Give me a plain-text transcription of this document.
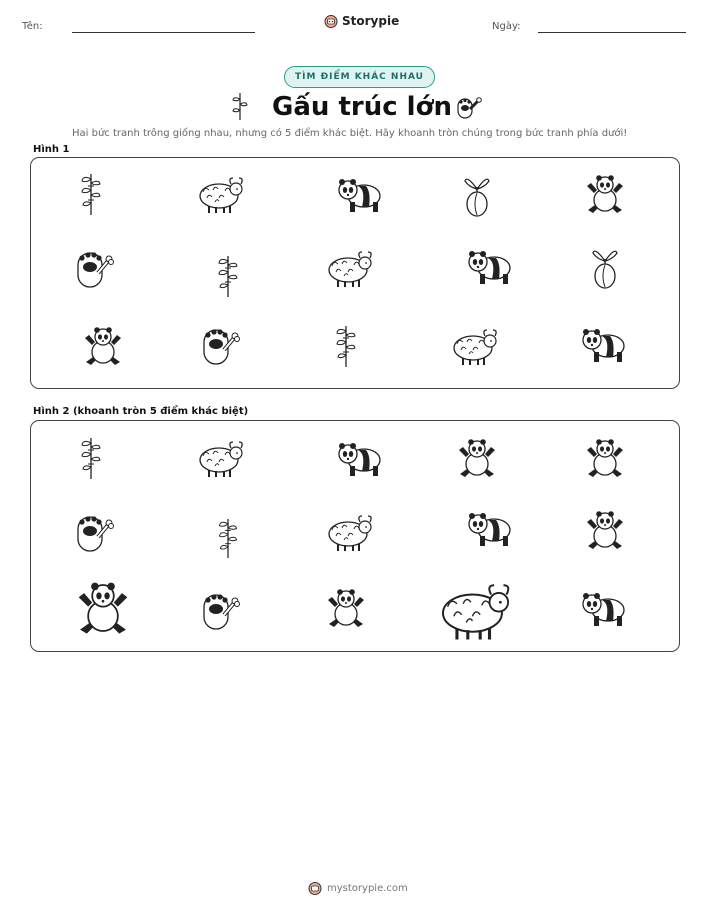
Tên:	Storypie	Ngày:
TÌM ĐIỂM KHÁC NHAU
Gấu trúc lớn
Hai bức tranh trông giống nhau, nhưng có 5 điểm khác biệt. Hãy khoanh tròn chúng trong bức tranh phía dưới!
Hình 1
Hình 2 (khoanh tròn 5 điểm khác biệt)
mystorypie.com
